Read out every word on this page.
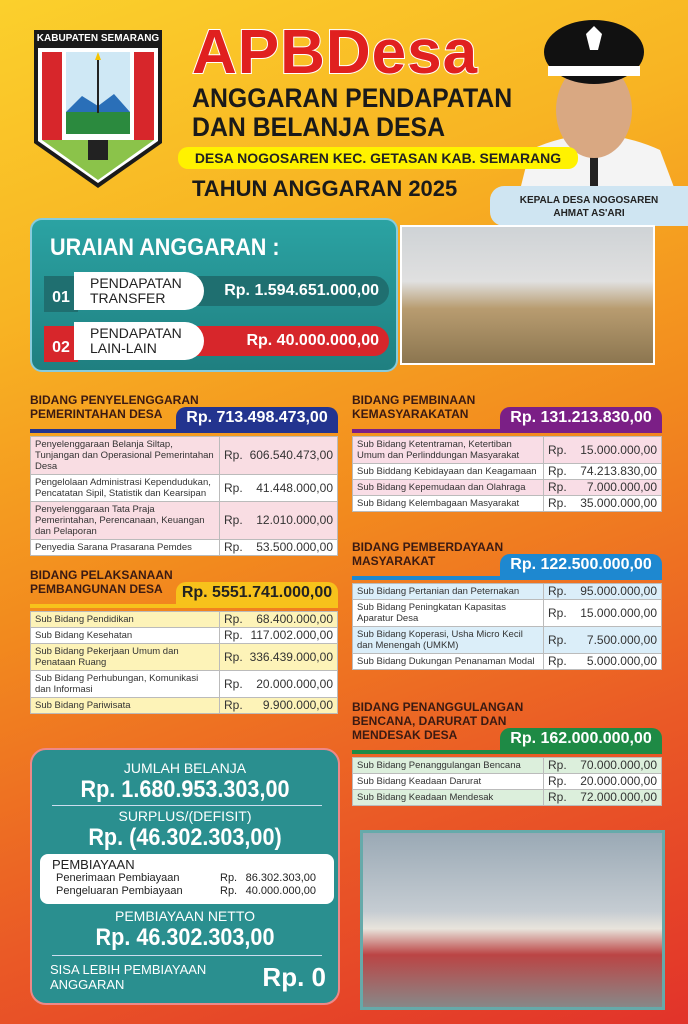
KABUPATEN SEMARANG APBDesa
ANGGARAN PENDAPATAN
DAN BELANJA DESA
DESA NOGOSAREN KEC. GETASAN KAB. SEMARANG
TAHUN ANGGARAN 2025	KEPALA DESA NOGOSAREN
AHMAT AS'ARI
URAIAN ANGGARAN :
01
PENDAPATAN
TRANSFER	Rp. 1.594.651.000,00
02
PENDAPATAN
LAIN-LAIN	Rp. 40.000.000,00
BIDANG PENYELENGGARAN
PEMERINTAHAN DESA	Rp. 713.498.473,00
Penyelenggaraan Belanja Siltap, Tunjangan dan Operasional Pemerintahan Desa	Rp. 606.540.473,00

Pengelolaan Administrasi Kependudukan, Pencatatan Sipil, Statistik dan Kearsipan	Rp. 41.448.000,00

Penyelenggaraan Tata Praja Pemerintahan, Perencanaan, Keuangan dan Pelaporan	Rp. 12.010.000,00

Penyedia Sarana Prasarana Pemdes	Rp. 53.500.000,00
BIDANG PELAKSANAAN
PEMBANGUNAN DESA	Rp. 5551.741.000,00
Sub Bidang Pendidikan	Rp. 68.400.000,00

Sub Bidang Kesehatan	Rp. 117.002.000,00

Sub Bidang Pekerjaan Umum dan Penataan Ruang	Rp. 336.439.000,00

Sub Bidang Perhubungan, Komunikasi dan Informasi	Rp. 20.000.000,00

Sub Bidang Pariwisata	Rp. 9.900.000,00
BIDANG PEMBINAAN
KEMASYARAKATAN	Rp. 131.213.830,00
Sub Bidang Ketentraman, Ketertiban Umum dan Perlinddungan Masyarakat	Rp. 15.000.000,00

Sub Biddang Kebidayaan dan Keagamaan	Rp. 74.213.830,00

Sub Bidang Kepemudaan dan Olahraga	Rp. 7.000.000,00

Sub Bidang Kelembagaan Masyarakat	Rp. 35.000.000,00
BIDANG PEMBERDAYAAN
MASYARAKAT	Rp. 122.500.000,00
Sub Bidang Pertanian dan Peternakan	Rp. 95.000.000,00

Sub Bidang Peningkatan Kapasitas Aparatur Desa	Rp. 15.000.000,00

Sub Bidang Koperasi, Usha Micro Kecil dan Menengah (UMKM)	Rp. 7.500.000,00

Sub Bidang Dukungan Penanaman Modal	Rp. 5.000.000,00
BIDANG PENANGGULANGAN
BENCANA, DARURAT DAN
MENDESAK DESA	Rp. 162.000.000,00
Sub Bidang Penanggulangan Bencana	Rp. 70.000.000,00

Sub Bidang Keadaan Darurat	Rp. 20.000.000,00

Sub Bidang Keadaan Mendesak	Rp. 72.000.000,00
JUMLAH BELANJA
Rp. 1.680.953.303,00
SURPLUS/(DEFISIT)
Rp. (46.302.303,00)
PEMBIAYAAN
Penerimaan Pembiayaan	Rp. 86.302.303,00
Pengeluaran Pembiayaan	Rp. 40.000.000,00
PEMBIAYAAN NETTO
Rp. 46.302.303,00
SISA LEBIH PEMBIAYAAN
ANGGARAN	Rp. 0
